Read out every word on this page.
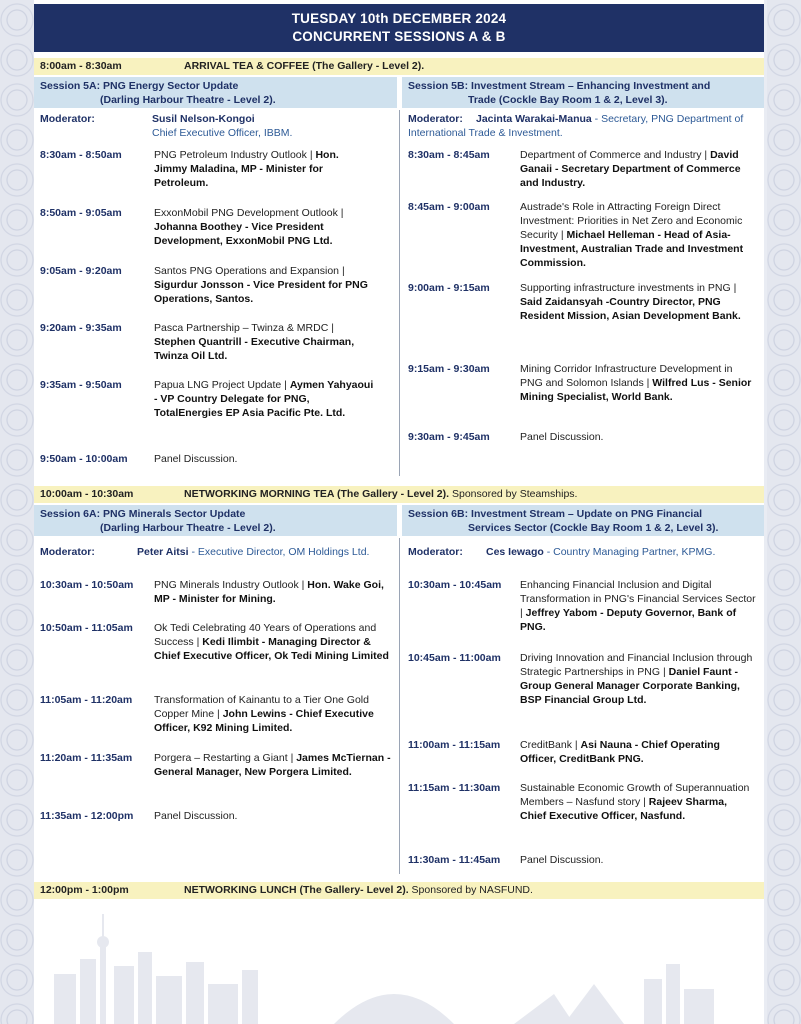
TUESDAY 10th DECEMBER 2024
CONCURRENT SESSIONS A & B
8:00am - 8:30am	ARRIVAL TEA & COFFEE (The Gallery - Level 2).
Session 5A: PNG Energy Sector Update
(Darling Harbour Theatre - Level 2).
Session 5B: Investment Stream – Enhancing Investment and
Trade (Cockle Bay Room 1 & 2, Level 3).
Moderator:	Susil Nelson-Kongoi
Chief Executive Officer, IBBM.
8:30am - 8:50am	PNG Petroleum Industry Outlook | Hon. Jimmy Maladina, MP - Minister for Petroleum.
8:50am - 9:05am	ExxonMobil PNG Development Outlook | Johanna Boothey - Vice President Development, ExxonMobil PNG Ltd.
9:05am - 9:20am	Santos PNG Operations and Expansion | Sigurdur Jonsson - Vice President for PNG Operations, Santos.
9:20am - 9:35am	Pasca Partnership – Twinza & MRDC | Stephen Quantrill - Executive Chairman, Twinza Oil Ltd.
9:35am - 9:50am	Papua LNG Project Update | Aymen Yahyaoui - VP Country Delegate for PNG, TotalEnergies EP Asia Pacific Pte. Ltd.
9:50am - 10:00am	Panel Discussion.
Moderator: Jacinta Warakai-Manua - Secretary, PNG Department of International Trade & Investment.
8:30am - 8:45am	Department of Commerce and Industry | David Ganaii - Secretary Department of Commerce and Industry.
8:45am - 9:00am	Austrade's Role in Attracting Foreign Direct Investment: Priorities in Net Zero and Economic Security | Michael Helleman - Head of Asia-Investment, Australian Trade and Investment Commission.
9:00am - 9:15am	Supporting infrastructure investments in PNG | Said Zaidansyah -Country Director, PNG Resident Mission, Asian Development Bank.
9:15am - 9:30am	Mining Corridor Infrastructure Development in PNG and Solomon Islands | Wilfred Lus - Senior Mining Specialist, World Bank.
9:30am - 9:45am	Panel Discussion.
10:00am - 10:30am	NETWORKING MORNING TEA (The Gallery - Level 2). Sponsored by Steamships.
Session 6A: PNG Minerals Sector Update
(Darling Harbour Theatre - Level 2).
Session 6B: Investment Stream – Update on PNG Financial
Services Sector (Cockle Bay Room 1 & 2, Level 3).
Moderator:	Peter Aitsi - Executive Director, OM Holdings Ltd.
10:30am - 10:50am PNG Minerals Industry Outlook | Hon. Wake Goi, MP - Minister for Mining.
10:50am - 11:05am Ok Tedi Celebrating 40 Years of Operations and Success | Kedi Ilimbit - Managing Director & Chief Executive Officer, Ok Tedi Mining Limited
11:05am - 11:20am Transformation of Kainantu to a Tier One Gold Copper Mine | John Lewins - Chief Executive Officer, K92 Mining Limited.
11:20am - 11:35am Porgera – Restarting a Giant | James McTiernan - General Manager, New Porgera Limited.
11:35am - 12:00pm Panel Discussion.
Moderator: Ces Iewago - Country Managing Partner, KPMG.
10:30am - 10:45am Enhancing Financial Inclusion and Digital Transformation in PNG's Financial Services Sector | Jeffrey Yabom - Deputy Governor, Bank of PNG.
10:45am - 11:00am Driving Innovation and Financial Inclusion through Strategic Partnerships in PNG | Daniel Faunt - Group General Manager Corporate Banking, BSP Financial Group Ltd.
11:00am - 11:15am CreditBank | Asi Nauna - Chief Operating Officer, CreditBank PNG.
11:15am - 11:30am Sustainable Economic Growth of Superannuation Members – Nasfund story | Rajeev Sharma, Chief Executive Officer, Nasfund.
11:30am - 11:45am Panel Discussion.
12:00pm - 1:00pm	NETWORKING LUNCH (The Gallery- Level 2). Sponsored by NASFUND.
